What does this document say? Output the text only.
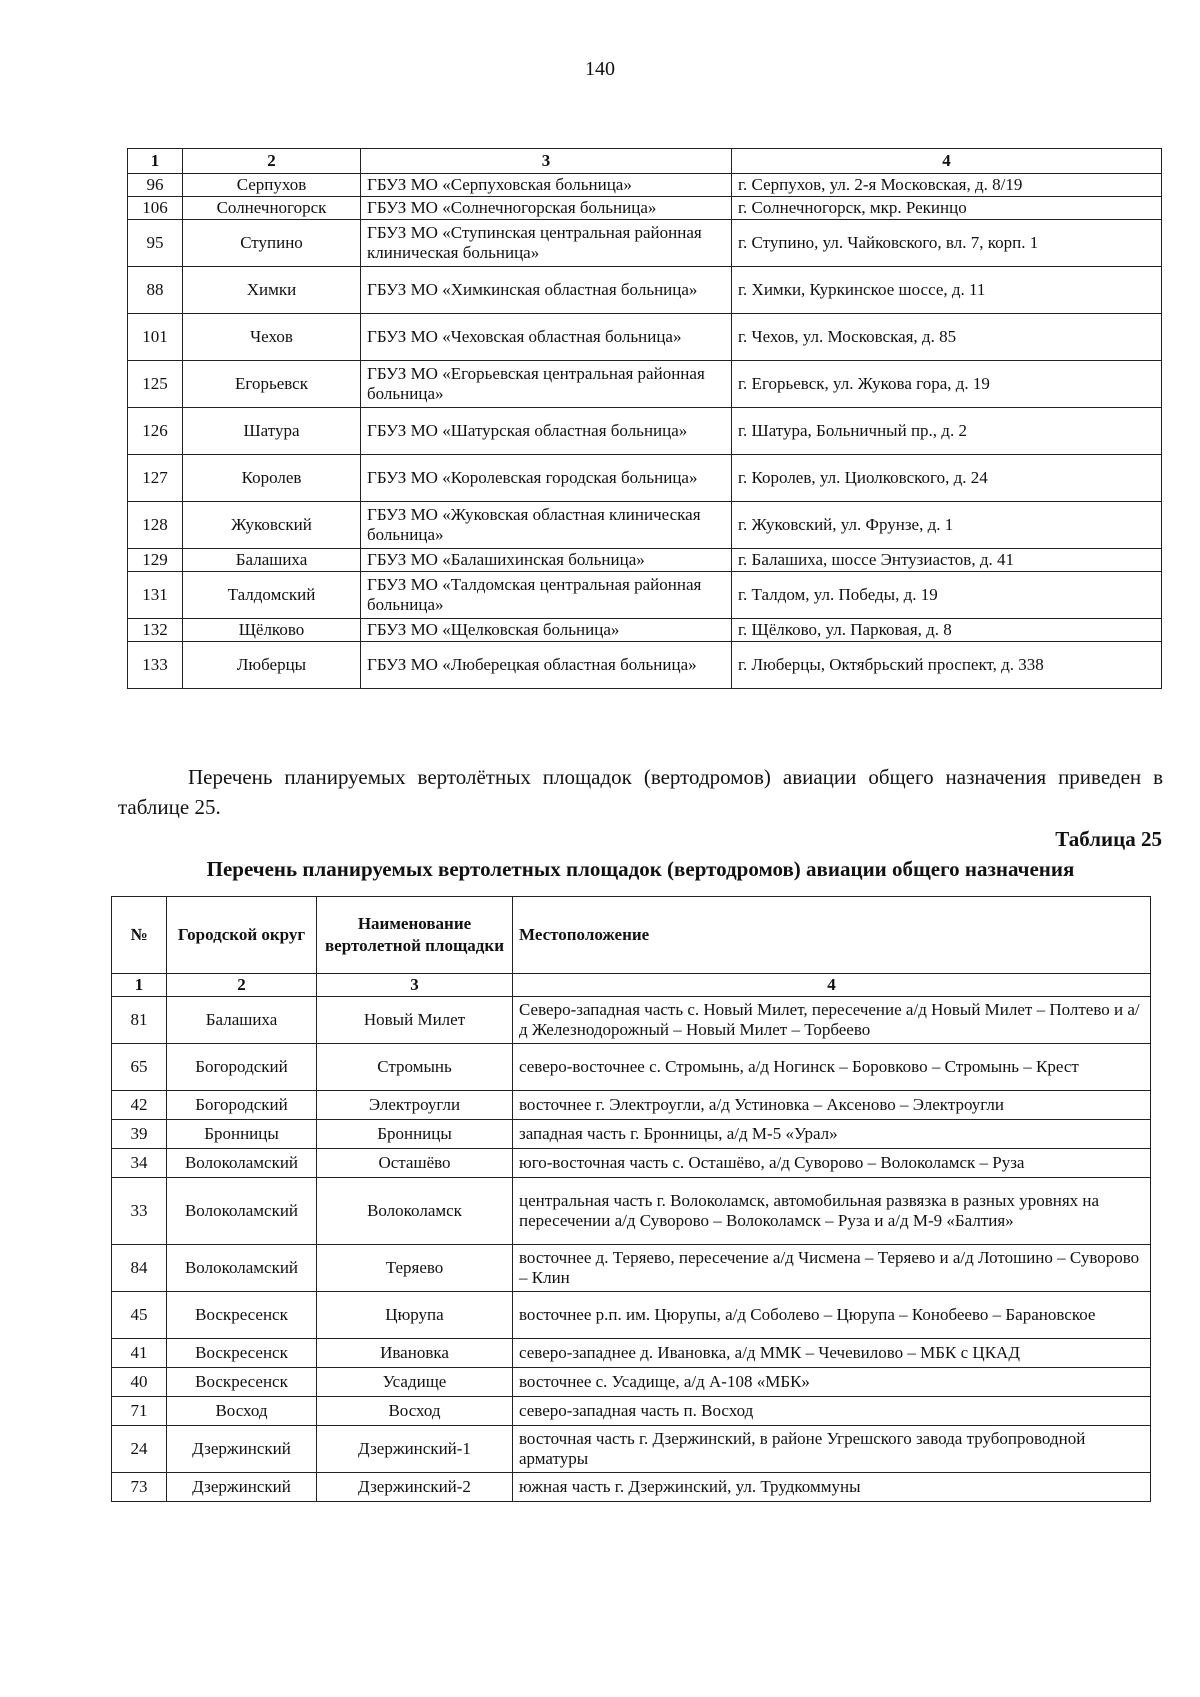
140
1	2	3	4
96	Серпухов	ГБУЗ МО «Серпуховская больница»	г. Серпухов, ул. 2-я Московская, д. 8/19
106	Солнечногорск	ГБУЗ МО «Солнечногорская больница»	г. Солнечногорск, мкр. Рекинцо
95	Ступино	ГБУЗ МО «Ступинская центральная районная клиническая больница»	г. Ступино, ул. Чайковского, вл. 7, корп. 1
88	Химки	ГБУЗ МО «Химкинская областная больница»	г. Химки, Куркинское шоссе, д. 11
101	Чехов	ГБУЗ МО «Чеховская областная больница»	г. Чехов, ул. Московская, д. 85
125	Егорьевск	ГБУЗ МО «Егорьевская центральная районная больница»	г. Егорьевск, ул. Жукова гора, д. 19
126	Шатура	ГБУЗ МО «Шатурская областная больница»	г. Шатура, Больничный пр., д. 2
127	Королев	ГБУЗ МО «Королевская городская больница»	г. Королев, ул. Циолковского, д. 24
128	Жуковский	ГБУЗ МО «Жуковская областная клиническая больница»	г. Жуковский, ул. Фрунзе, д. 1
129	Балашиха	ГБУЗ МО «Балашихинская больница»	г. Балашиха, шоссе Энтузиастов, д. 41
131	Талдомский	ГБУЗ МО «Талдомская центральная районная больница»	г. Талдом, ул. Победы, д. 19
132	Щёлково	ГБУЗ МО «Щелковская больница»	г. Щёлково, ул. Парковая, д. 8
133	Люберцы	ГБУЗ МО «Люберецкая областная больница»	г. Люберцы, Октябрьский проспект, д. 338

Перечень планируемых вертолётных площадок (вертодромов) авиации общего назначения приведен в таблице 25.

Таблица 25
Перечень планируемых вертолетных площадок (вертодромов) авиации общего назначения
№	Городской округ	Наименование вертолетной площадки	Местоположение
1	2	3	4
81	Балашиха	Новый Милет	Северо-западная часть с. Новый Милет, пересечение а/д Новый Милет – Полтево и а/д Железнодорожный – Новый Милет – Торбеево
65	Богородский	Стромынь	северо-восточнее с. Стромынь, а/д Ногинск – Боровково – Стромынь – Крест
42	Богородский	Электроугли	восточнее г. Электроугли, а/д Устиновка – Аксеново – Электроугли
39	Бронницы	Бронницы	западная часть г. Бронницы, а/д М-5 «Урал»
34	Волоколамский	Осташёво	юго-восточная часть с. Осташёво, а/д Суворово – Волоколамск – Руза
33	Волоколамский	Волоколамск	центральная часть г. Волоколамск, автомобильная развязка в разных уровнях на пересечении а/д Суворово – Волоколамск – Руза и а/д М-9 «Балтия»
84	Волоколамский	Теряево	восточнее д. Теряево, пересечение а/д Чисмена – Теряево и а/д Лотошино – Суворово – Клин
45	Воскресенск	Цюрупа	восточнее р.п. им. Цюрупы, а/д Соболево – Цюрупа – Конобеево – Барановское
41	Воскресенск	Ивановка	северо-западнее д. Ивановка, а/д ММК – Чечевилово – МБК с ЦКАД
40	Воскресенск	Усадище	восточнее с. Усадище, а/д А-108 «МБК»
71	Восход	Восход	северо-западная часть п. Восход
24	Дзержинский	Дзержинский-1	восточная часть г. Дзержинский, в районе Угрешского завода трубопроводной арматуры
73	Дзержинский	Дзержинский-2	южная часть г. Дзержинский, ул. Трудкоммуны
